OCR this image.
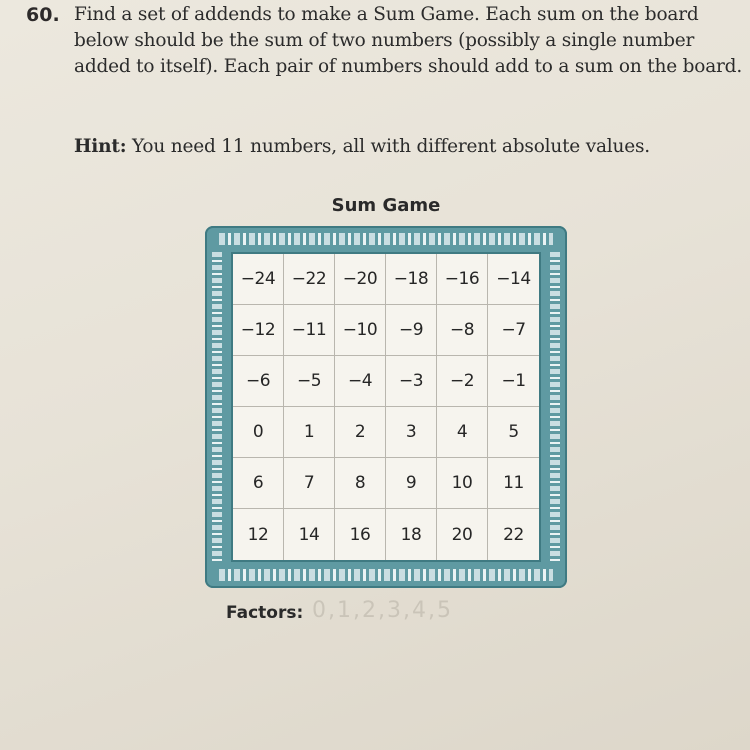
60. Find a set of addends to make a Sum Game. Each sum on the board below should be the sum of two numbers (possibly a single number added to itself). Each pair of numbers should add to a sum on the board.
Hint: You need 11 numbers, all with different absolute values.
Sum Game
−24 −22 −20 −18 −16	−14
−12 −11 −10	−9	−8	−7
−6	−5	−4	−3	−2	−1
0	1	2	3	4	5
6	7	8	9	10	11
12	14	16	18	20	22
Factors: 0,1,2,3,4,5
